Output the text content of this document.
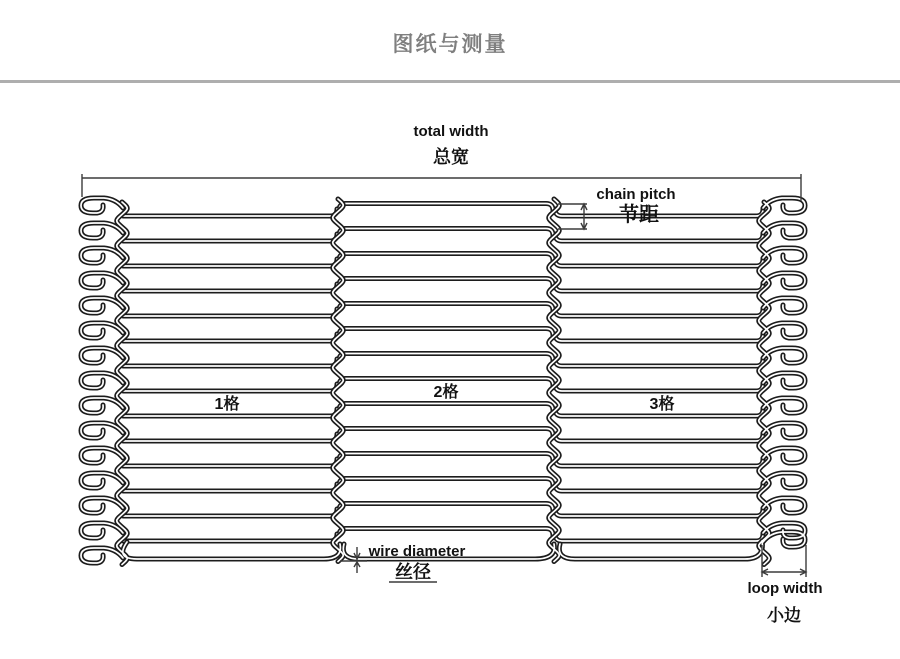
图纸与测量
total width
总宽
chain pitch
节距
1格
2格
3格
wire diameter
丝径
loop width
小边
